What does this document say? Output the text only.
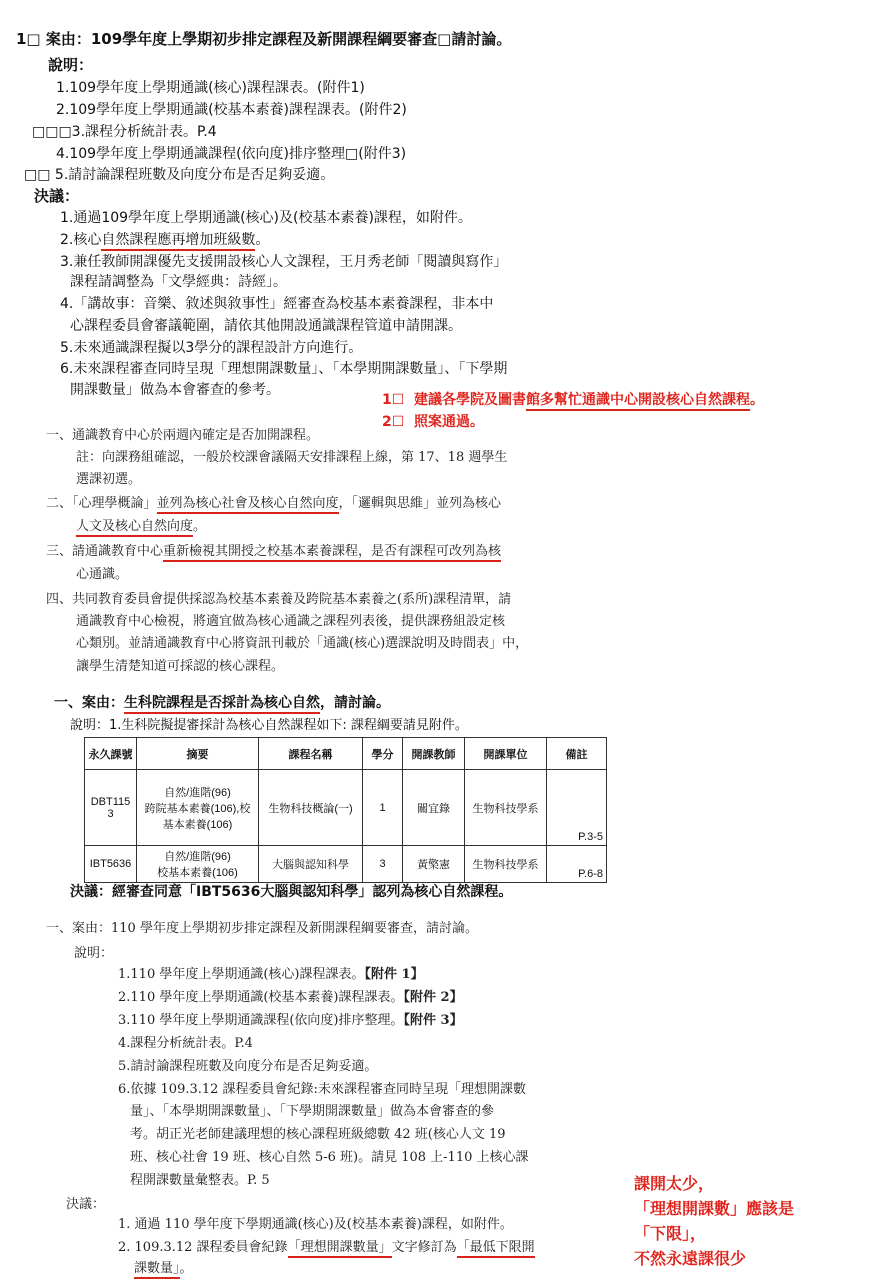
1□ 案由：109學年度上學期初步排定課程及新開課程綱要審查□請討論。
說明：
1.109學年度上學期通識(核心)課程課表。(附件1)
2.109學年度上學期通識(校基本素養)課程課表。(附件2)
□□□3.課程分析統計表。P.4
4.109學年度上學期通識課程(依向度)排序整理□(附件3)
□□ 5.請討論課程班數及向度分布是否足夠妥適。
決議：
1.通過109學年度上學期通識(核心)及(校基本素養)課程，如附件。
2.核心自然課程應再增加班級數。
3.兼任教師開課優先支援開設核心人文課程，王月秀老師「閱讀與寫作」
課程請調整為「文學經典：詩經」。
4.「講故事：音樂、敘述與敘事性」經審查為校基本素養課程，非本中
心課程委員會審議範圍，請依其他開設通識課程管道申請開課。
5.未來通識課程擬以3學分的課程設計方向進行。
6.未來課程審查同時呈現「理想開課數量」、「本學期開課數量」、「下學期
開課數量」做為本會審查的參考。
1☐ 建議各學院及圖書館多幫忙通識中心開設核心自然課程。
2☐ 照案通過。
一、通識教育中心於兩週內確定是否加開課程。
註：向課務組確認，一般於校課會議隔天安排課程上線，第 17、18 週學生
選課初選。
二、「心理學概論」並列為核心社會及核心自然向度，「邏輯與思維」並列為核心
人文及核心自然向度。
三、請通識教育中心重新檢視其開授之校基本素養課程，是否有課程可改列為核
心通識。
四、共同教育委員會提供採認為校基本素養及跨院基本素養之(系所)課程清單，請
通識教育中心檢視，將適宜做為核心通識之課程列表後，提供課務組設定核
心類別。並請通識教育中心將資訊刊載於「通識(核心)選課說明及時間表」中，
讓學生清楚知道可採認的核心課程。
一、案由：生科院課程是否採計為核心自然，請討論。
說明：1.生科院擬提審採計為核心自然課程如下: 課程綱要請見附件。
永久課號	摘要	課程名稱	學分	開課教師	開課單位	備註
DBT1153	自然/進階(96)
跨院基本素養(106),校
基本素養(106)	生物科技概論(一)	1	關宜錄	生物科技學系	P.3-5
IBT5636	自然/進階(96)
校基本素養(106)	大腦與認知科學	3	黃檠憲	生物科技學系	P.6-8
決議：經審查同意「IBT5636大腦與認知科學」認列為核心自然課程。
一、案由：110 學年度上學期初步排定課程及新開課程綱要審查，請討論。
說明：
1.110 學年度上學期通識(核心)課程課表。【附件 1】
2.110 學年度上學期通識(校基本素養)課程課表。【附件 2】
3.110 學年度上學期通識課程(依向度)排序整理。【附件 3】
4.課程分析統計表。P.4
5.請討論課程班數及向度分布是否足夠妥適。
6.依據 109.3.12 課程委員會紀錄:未來課程審查同時呈現「理想開課數
量」、「本學期開課數量」、「下學期開課數量」做為本會審查的參
考。胡正光老師建議理想的核心課程班級總數 42 班(核心人文 19
班、核心社會 19 班、核心自然 5-6 班)。請見 108 上-110 上核心課
程開課數量彙整表。P. 5
決議：
1. 通過 110 學年度下學期通識(核心)及(校基本素養)課程，如附件。
2. 109.3.12 課程委員會紀錄「理想開課數量」文字修訂為「最低下限開
課數量」。
課開太少，
「理想開課數」應該是
「下限」，
不然永遠課很少
